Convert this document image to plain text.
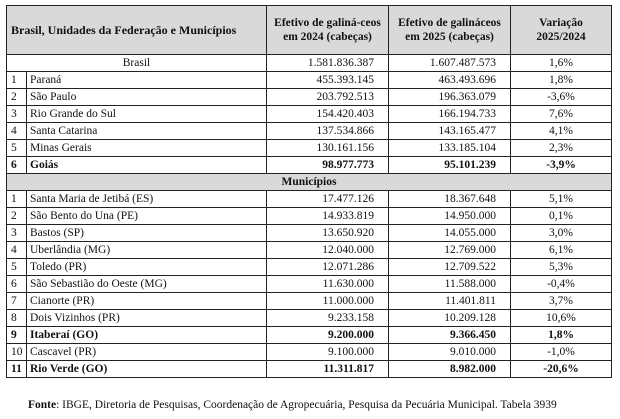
Brasil, Unidades da Federação e Municípios		Efetivo de galiná-ceos em 2024 (cabeças)	Efetivo de galináceos em 2025 (cabeças)	Variação 2025/2024
Brasil		1.581.836.387	1.607.487.573	1,6%
1	Paraná	455.393.145	463.493.696	1,8%
2	São Paulo	203.792.513	196.363.079	-3,6%
3	Rio Grande do Sul	154.420.403	166.194.733	7,6%
4	Santa Catarina	137.534.866	143.165.477	4,1%
5	Minas Gerais	130.161.156	133.185.104	2,3%
6	Goiás	98.977.773	95.101.239	-3,9%
Municípios				
1	Santa Maria de Jetibá (ES)	17.477.126	18.367.648	5,1%
2	São Bento do Una (PE)	14.933.819	14.950.000	0,1%
3	Bastos (SP)	13.650.920	14.055.000	3,0%
4	Uberlândia (MG)	12.040.000	12.769.000	6,1%
5	Toledo (PR)	12.071.286	12.709.522	5,3%
6	São Sebastião do Oeste (MG)	11.630.000	11.588.000	-0,4%
7	Cianorte (PR)	11.000.000	11.401.811	3,7%
8	Dois Vizinhos (PR)	9.233.158	10.209.128	10,6%
9	Itaberaí (GO)	9.200.000	9.366.450	1,8%
10	Cascavel (PR)	9.100.000	9.010.000	-1,0%
11	Rio Verde (GO)	11.311.817	8.982.000	-20,6%
Fonte: IBGE, Diretoria de Pesquisas, Coordenação de Agropecuária, Pesquisa da Pecuária Municipal. Tabela 3939
